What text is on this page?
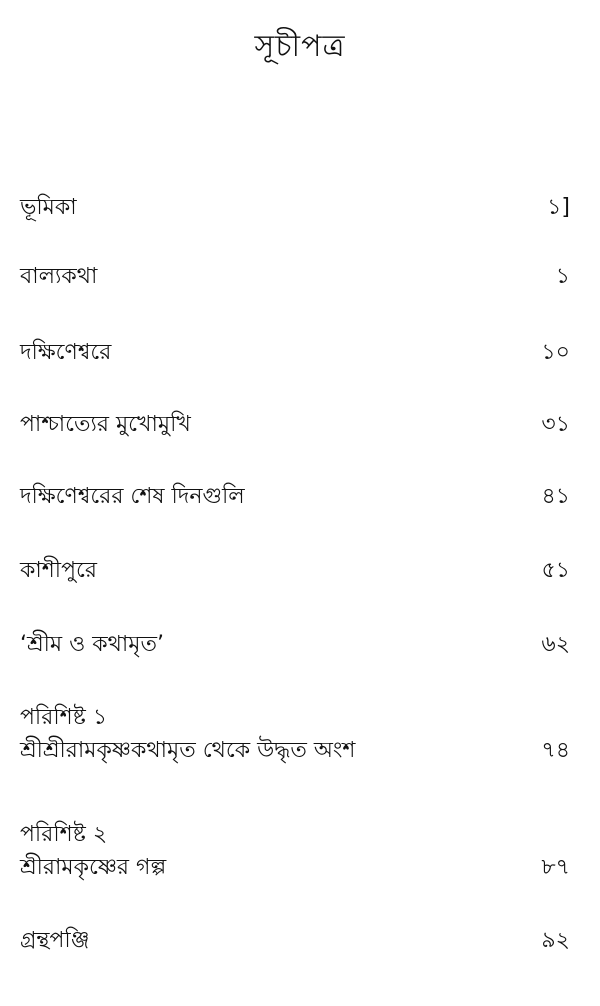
সূচীপত্র
ভূমিকা	১]
বাল্যকথা	১
দক্ষিণেশ্বরে	১০
পাশ্চাত্যের মুখোমুখি	৩১
দক্ষিণেশ্বরের শেষ দিনগুলি	৪১
কাশীপুরে	৫১
‘শ্রীম ও কথামৃত’	৬২
পরিশিষ্ট ১
শ্রীশ্রীরামকৃষ্ণকথামৃত থেকে উদ্ধৃত অংশ	৭৪
পরিশিষ্ট ২
শ্রীরামকৃষ্ণের গল্প	৮৭
গ্রন্থপঞ্জি	৯২
